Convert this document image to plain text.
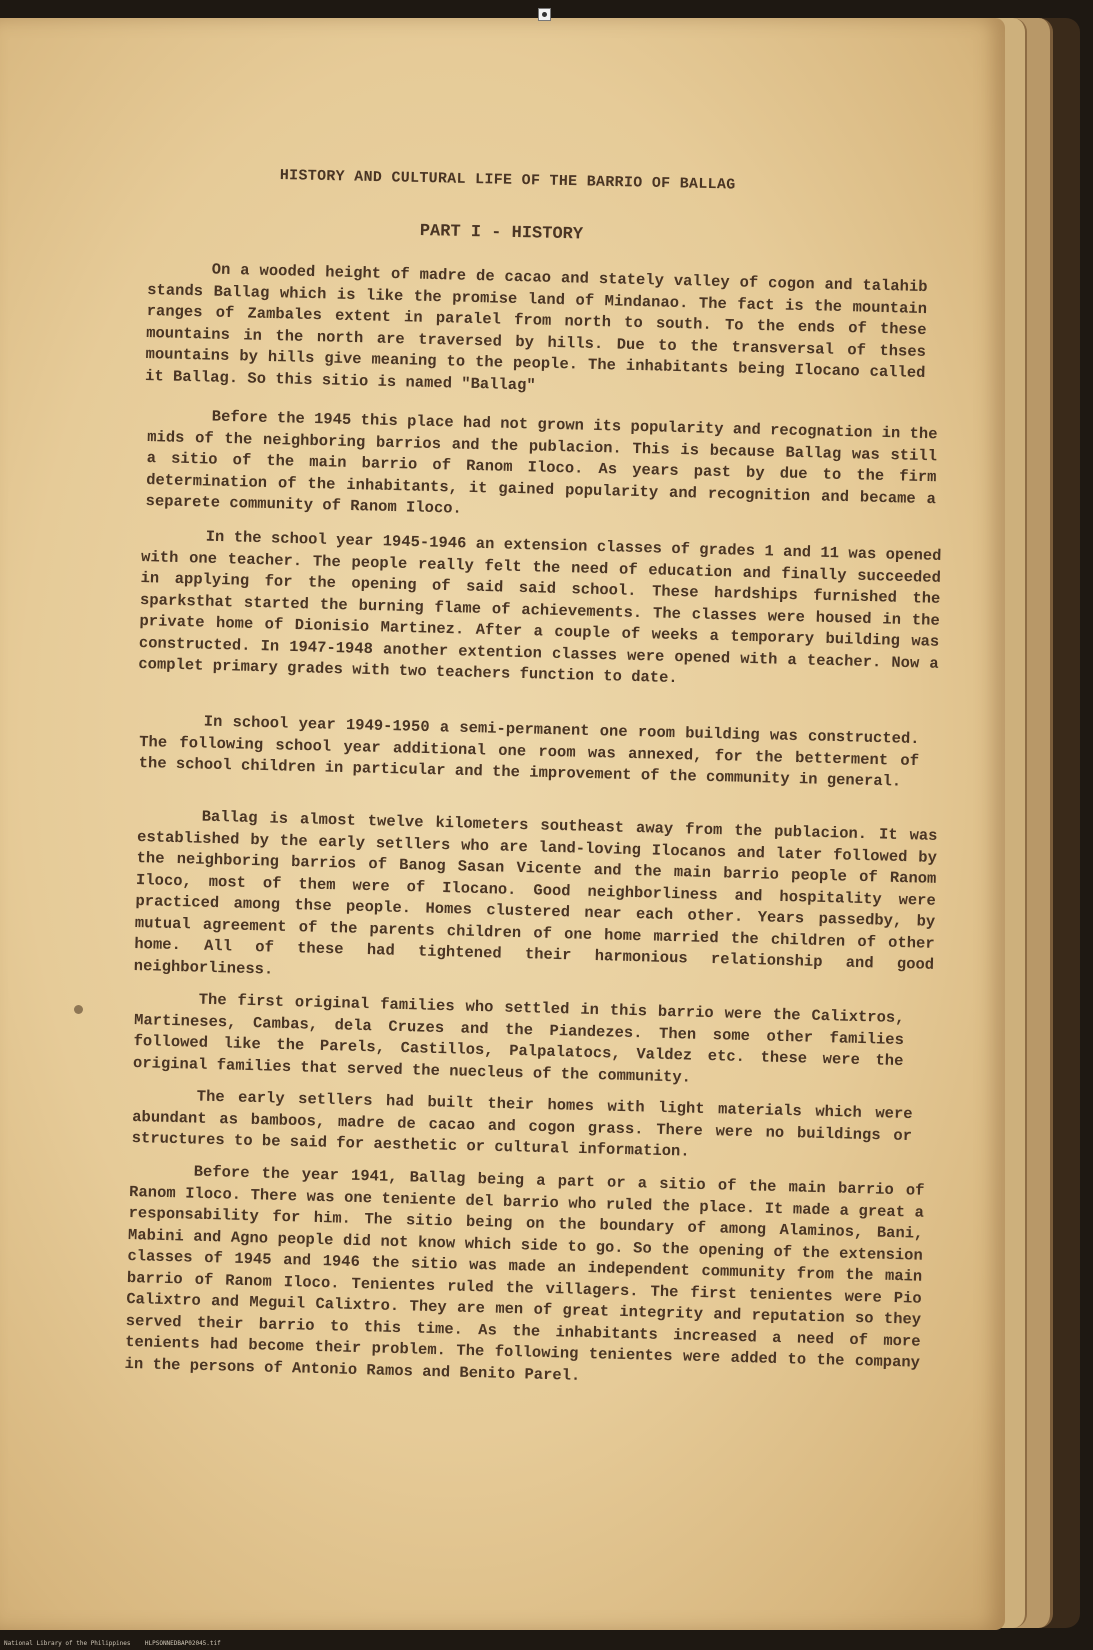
HISTORY AND CULTURAL LIFE OF THE BARRIO OF BALLAG
PART I - HISTORY

On a wooded height of madre de cacao and stately valley of cogon and talahib stands Ballag which is like the promise land of Mindanao. The fact is the mountain ranges of Zambales extent in paralel from north to south. To the ends of these mountains in the north are traversed by hills. Due to the transversal of thses mountains by hills give meaning to the people. The inhabitants being Ilocano called it Ballag. So this sitio is named "Ballag"

Before the 1945 this place had not grown its popularity and recognation in the mids of the neighboring barrios and the publacion. This is because Ballag was still a sitio of the main barrio of Ranom Iloco. As years past by due to the firm determination of the inhabitants, it gained popularity and recognition and became a separete community of Ranom Iloco.

In the school year 1945-1946 an extension classes of grades 1 and 11 was opened with one teacher. The people really felt the need of education and finally succeeded in applying for the opening of said said school. These hardships furnished the sparksthat started the burning flame of achievements. The classes were housed in the private home of Dionisio Martinez. After a couple of weeks a temporary building was constructed. In 1947-1948 another extention classes were opened with a teacher. Now a complet primary grades with two teachers function to date.

In school year 1949-1950 a semi-permanent one room building was constructed. The following school year additional one room was annexed, for the betterment of the school children in particular and the improvement of the community in general.

Ballag is almost twelve kilometers southeast away from the publacion. It was established by the early setllers who are land-loving Ilocanos and later followed by the neighboring barrios of Banog Sasan Vicente and the main barrio people of Ranom Iloco, most of them were of Ilocano. Good neighborliness and hospitality were practiced among thse people. Homes clustered near each other. Years passedby, by mutual agreement of the parents children of one home married the children of other home. All of these had tightened their harmonious relationship and good neighborliness.

The first original families who settled in this barrio were the Calixtros, Martineses, Cambas, dela Cruzes and the Piandezes. Then some other families followed like the Parels, Castillos, Palpalatocs, Valdez etc. these were the original families that served the nuecleus of the community.

The early setllers had built their homes with light materials which were abundant as bamboos, madre de cacao and cogon grass. There were no buildings or structures to be said for aesthetic or cultural information.

Before the year 1941, Ballag being a part or a sitio of the main barrio of Ranom Iloco. There was one teniente del barrio who ruled the place. It made a great a responsability for him. The sitio being on the boundary of among Alaminos, Bani, Mabini and Agno people did not know which side to go. So the opening of the extension classes of 1945 and 1946 the sitio was made an independent community from the main barrio of Ranom Iloco. Tenientes ruled the villagers. The first tenientes were Pio Calixtro and Meguil Calixtro. They are men of great integrity and reputation so they served their barrio to this time. As the inhabitants increased a need of more tenients had become their problem. The following tenientes were added to the company in the persons of Antonio Ramos and Benito Parel.

National Library of the Philippines    HLPSONNEDBAP02045.tif
